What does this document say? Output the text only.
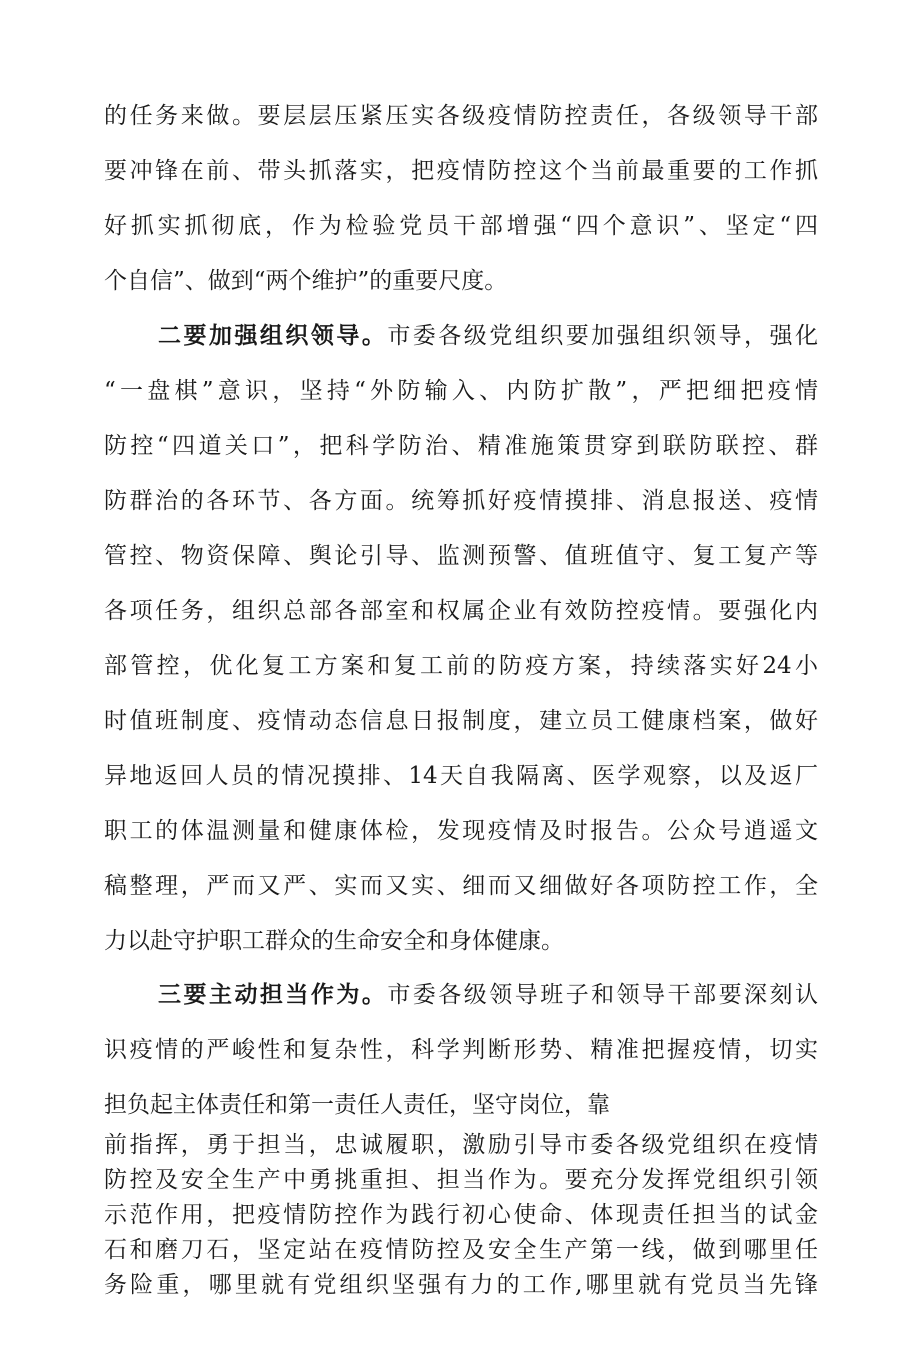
的任务来做。要层层压紧压实各级疫情防控责任，各级领导干部
要冲锋在前、带头抓落实，把疫情防控这个当前最重要的工作抓
好抓实抓彻底，作为检验党员干部增强“四个意识”、坚定“四
个自信”、做到“两个维护”的重要尺度。
二要加强组织领导。市委各级党组织要加强组织领导，强化
“一盘棋”意识，坚持“外防输入、内防扩散”，严把细把疫情
防控“四道关口”，把科学防治、精准施策贯穿到联防联控、群
防群治的各环节、各方面。统筹抓好疫情摸排、消息报送、疫情
管控、物资保障、舆论引导、监测预警、值班值守、复工复产等
各项任务，组织总部各部室和权属企业有效防控疫情。要强化内
部管控，优化复工方案和复工前的防疫方案，持续落实好24小
时值班制度、疫情动态信息日报制度，建立员工健康档案，做好
异地返回人员的情况摸排、14天自我隔离、医学观察，以及返厂
职工的体温测量和健康体检，发现疫情及时报告。公众号逍遥文
稿整理，严而又严、实而又实、细而又细做好各项防控工作，全
力以赴守护职工群众的生命安全和身体健康。
三要主动担当作为。市委各级领导班子和领导干部要深刻认
识疫情的严峻性和复杂性，科学判断形势、精准把握疫情，切实
担负起主体责任和第一责任人责任，坚守岗位，靠
前指挥，勇于担当，忠诚履职，激励引导市委各级党组织在疫情
防控及安全生产中勇挑重担、担当作为。要充分发挥党组织引领
示范作用，把疫情防控作为践行初心使命、体现责任担当的试金
石和磨刀石，坚定站在疫情防控及安全生产第一线，做到哪里任
务险重，哪里就有党组织坚强有力的工作,哪里就有党员当先锋
